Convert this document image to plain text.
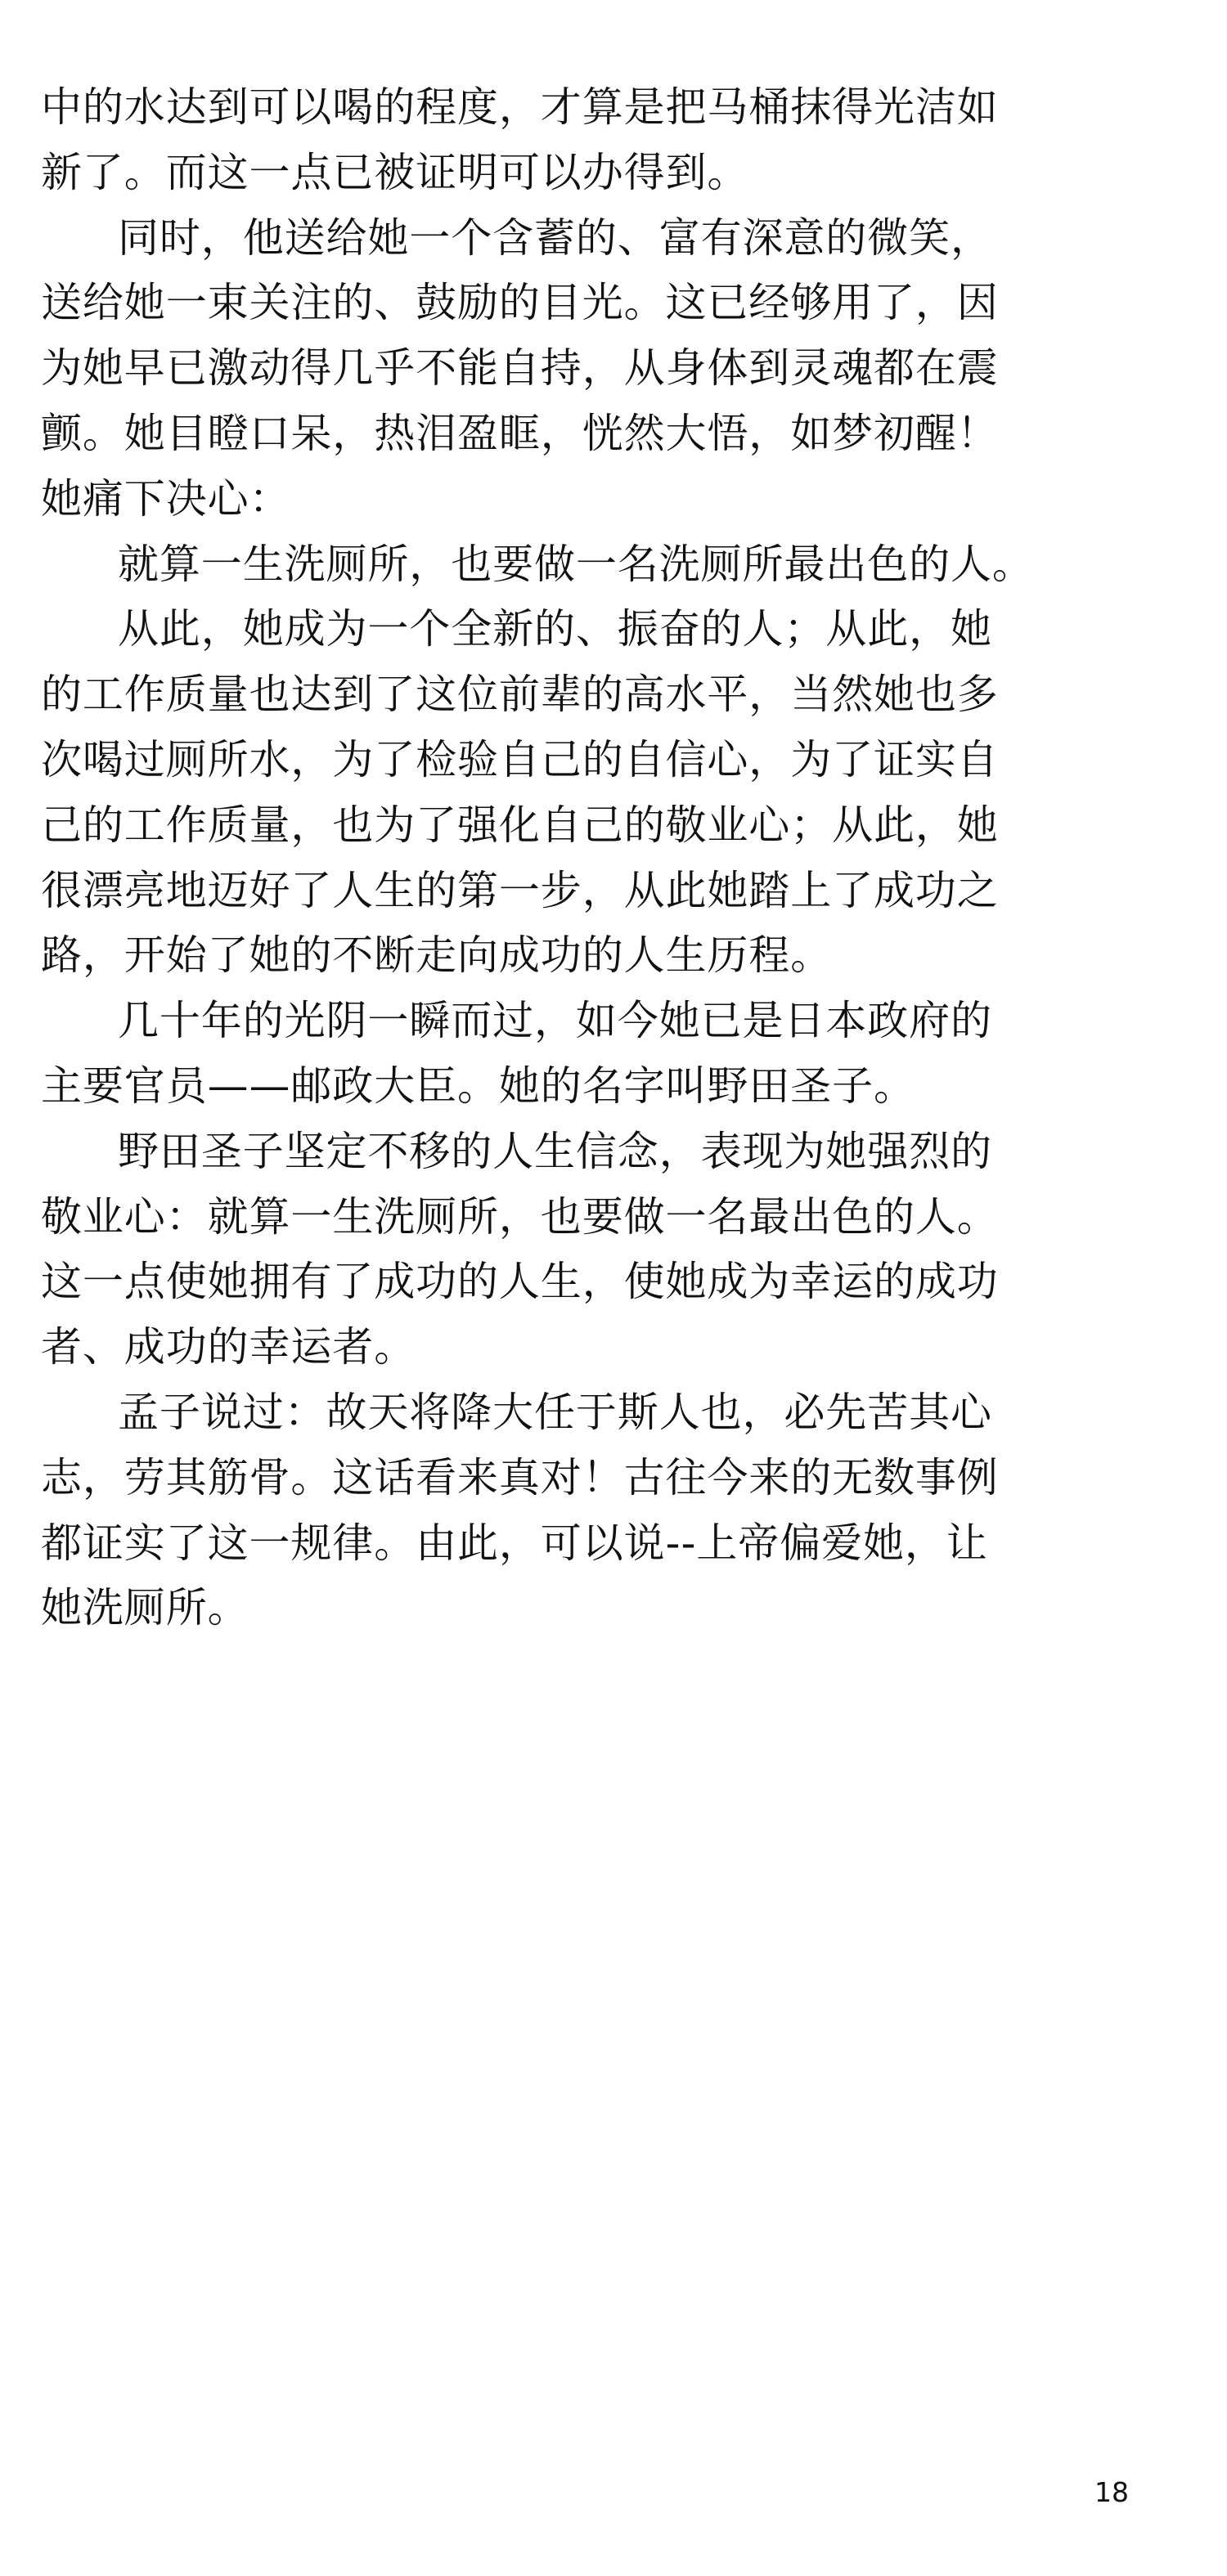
中的水达到可以喝的程度，才算是把马桶抹得光洁如
新了。而这一点已被证明可以办得到。
同时，他送给她一个含蓄的、富有深意的微笑，
送给她一束关注的、鼓励的目光。这已经够用了，因
为她早已激动得几乎不能自持，从身体到灵魂都在震
颤。她目瞪口呆，热泪盈眶，恍然大悟，如梦初醒！
她痛下决心：
就算一生洗厕所，也要做一名洗厕所最出色的人。
从此，她成为一个全新的、振奋的人；从此，她
的工作质量也达到了这位前辈的高水平，当然她也多
次喝过厕所水，为了检验自己的自信心，为了证实自
己的工作质量，也为了强化自己的敬业心；从此，她
很漂亮地迈好了人生的第一步，从此她踏上了成功之
路，开始了她的不断走向成功的人生历程。
几十年的光阴一瞬而过，如今她已是日本政府的
主要官员——邮政大臣。她的名字叫野田圣子。
野田圣子坚定不移的人生信念，表现为她强烈的
敬业心：就算一生洗厕所，也要做一名最出色的人。
这一点使她拥有了成功的人生，使她成为幸运的成功
者、成功的幸运者。
孟子说过：故天将降大任于斯人也，必先苦其心
志，劳其筋骨。这话看来真对！古往今来的无数事例
都证实了这一规律。由此，可以说--上帝偏爱她，让
她洗厕所。
18
